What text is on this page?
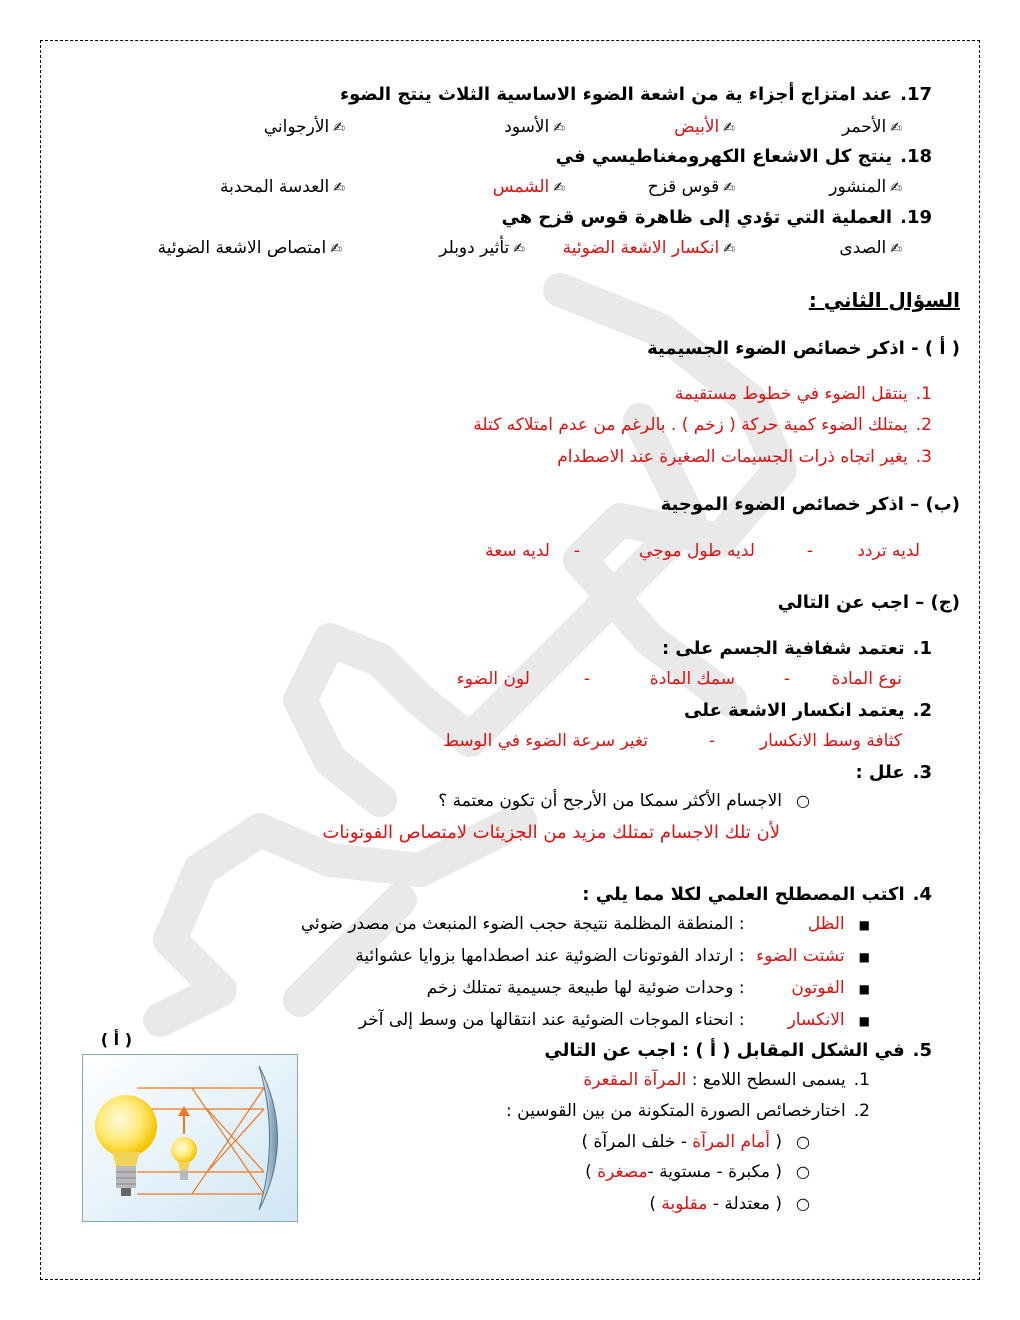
17.عند امتزاج أجزاء ية من اشعة الضوء الاساسية الثلاث ينتج الضوء
✍الأحمر
✍الأبيض
✍الأسود
✍الأرجواني
18.ينتج كل الاشعاع الكهرومغناطيسي في
✍المنشور
✍قوس قزح
✍الشمس
✍العدسة المحدبة
19.العملية التي تؤدي إلى ظاهرة قوس قزح هي
✍الصدى
✍انكسار الاشعة الضوئية
✍تأثير دوبلر
✍امتصاص الاشعة الضوئية
السؤال الثاني :
( أ ) - اذكر خصائص الضوء الجسيمية
1.ينتقل الضوء في خطوط مستقيمة
2.يمتلك الضوء كمية حركة ( زخم ) . بالرغم من عدم امتلاكه كتلة
3.يغير اتجاه ذرات الجسيمات الصغيرة عند الاصطدام
(ب) – اذكر خصائص الضوء الموجية
لديه تردد
-
لديه طول موجي
-
لديه سعة
(ج) – اجب عن التالي
1.تعتمد شفافية الجسم على :
نوع المادة
-
سمك المادة
-
لون الضوء
2.يعتمد انكسار الاشعة على
كثافة وسط الانكسار
-
تغير سرعة الضوء في الوسط
3.علل :
○الاجسام الأكثر سمكا من الأرجح أن تكون معتمة ؟
لأن تلك الاجسام تمتلك مزيد من الجزيئات لامتصاص الفوتونات
4.اكتب المصطلح العلمي لكلا مما يلي :
■الظل: المنطقة المظلمة نتيجة حجب الضوء المنبعث من مصدر ضوئي
■تشتت الضوء: ارتداد الفوتونات الضوئية عند اصطدامها بزوايا عشوائية
■الفوتون: وحدات ضوئية لها طبيعة جسيمية تمتلك زخم
■الانكسار: انحناء الموجات الضوئية عند انتقالها من وسط إلى آخر
( أ )
5.في الشكل المقابل ( أ ) : اجب عن التالي
1.يسمى السطح اللامع : المرآة المقعرة
2.اختارخصائص الصورة المتكونة من بين القوسين :
○( أمام المرآة - خلف المرآة )
○( مكبرة - مستوية -مصغرة )
○( معتدلة - مقلوبة )
